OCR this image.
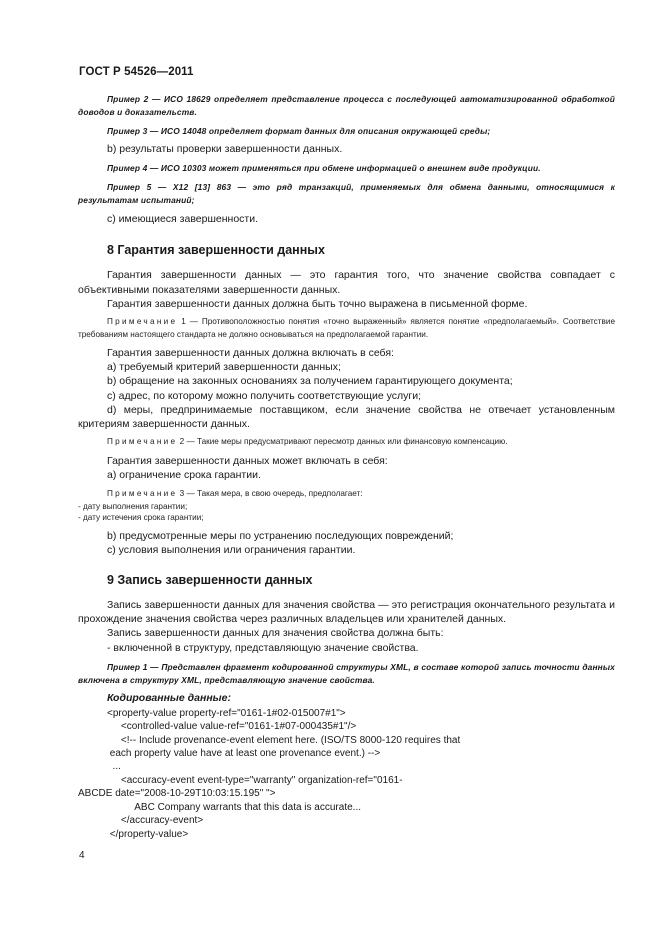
ГОСТ Р 54526—2011

Пример 2 — ИСО 18629 определяет представление процесса с последующей автоматизированной обработкой доводов и доказательств.

Пример 3 — ИСО 14048 определяет формат данных для описания окружающей среды;

b) результаты проверки завершенности данных.

Пример 4 — ИСО 10303 может применяться при обмене информацией о внешнем виде продукции.

Пример 5 — X12 [13] 863 — это ряд транзакций, применяемых для обмена данными, относящимися к результатам испытаний;

c) имеющиеся завершенности.

8 Гарантия завершенности данных

Гарантия завершенности данных — это гарантия того, что значение свойства совпадает с объективными показателями завершенности данных.

Гарантия завершенности данных должна быть точно выражена в письменной форме.

Примечание 1 — Противоположностью понятия «точно выраженный» является понятие «предполагаемый». Соответствие требованиям настоящего стандарта не должно основываться на предполагаемой гарантии.

Гарантия завершенности данных должна включать в себя:

a) требуемый критерий завершенности данных;

b) обращение на законных основаниях за получением гарантирующего документа;

c) адрес, по которому можно получить соответствующие услуги;

d) меры, предпринимаемые поставщиком, если значение свойства не отвечает установленным критериям завершенности данных.

Примечание 2 — Такие меры предусматривают пересмотр данных или финансовую компенсацию.

Гарантия завершенности данных может включать в себя:

a) ограничение срока гарантии.

Примечание 3 — Такая мера, в свою очередь, предполагает:

- дату выполнения гарантии;

- дату истечения срока гарантии;

b) предусмотренные меры по устранению последующих повреждений;

c) условия выполнения или ограничения гарантии.

9 Запись завершенности данных

Запись завершенности данных для значения свойства — это регистрация окончательного результата и прохождение значения свойства через различных владельцев или хранителей данных.

Запись завершенности данных для значения свойства должна быть:

- включенной в структуру, представляющую значение свойства.

Пример 1 — Представлен фрагмент кодированной структуры XML, в составе которой запись точности данных включена в структуру XML, представляющую значение свойства.

Кодированные данные:

<property-value property-ref="0161-1#02-015007#1">
<controlled-value value-ref="0161-1#07-000435#1"/>
<!-- Include provenance-event element here. (ISO/TS 8000-120 requires that
each property value have at least one provenance event.) -->
...
<accuracy-event event-type="warranty" organization-ref="0161-
ABCDE date="2008-10-29T10:03:15.195" ">
ABC Company warrants that this data is accurate...
</accuracy-event>
</property-value>
4
